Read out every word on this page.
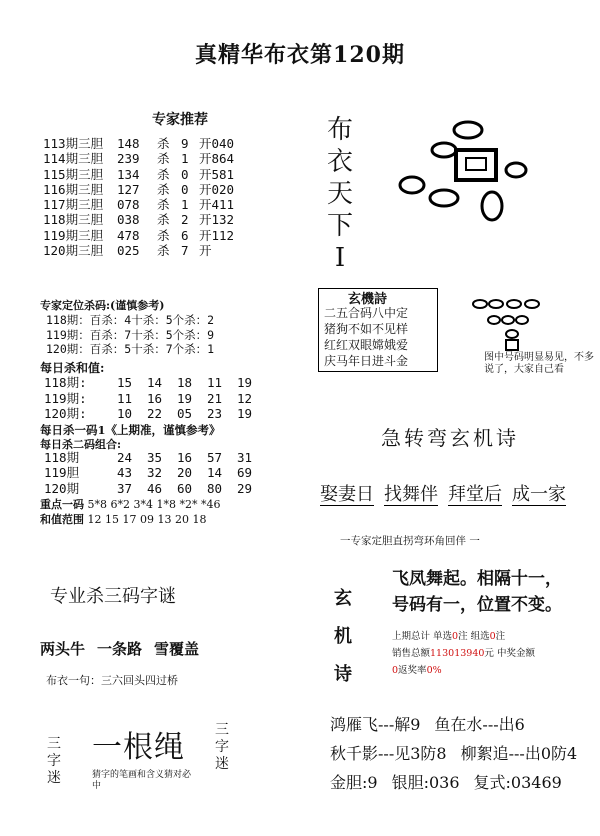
真精华布衣第120期
专家推荐
113期三胆 148 杀 9 开040
114期三胆 239 杀 1 开864
115期三胆 134 杀 0 开581
116期三胆 127 杀 0 开020
117期三胆 078 杀 1 开411
118期三胆 038 杀 2 开132
119期三胆 478 杀 6 开112
120期三胆 025 杀 7 开
专家定位杀码:(谨慎参考)
118期：百杀：4十杀：5个杀：2
119期：百杀：7十杀：5个杀：9
120期：百杀：5十杀：7个杀：1
每日杀和值:
118期: 15 14 18 11 19
119期: 11 16 19 21 12
120期: 10 22 05 23 19
每日杀一码1《上期准，谨慎参考》
每日杀二码组合:
118期	24 35 16 57 31
119胆	43 32 20 14 69
120期	37 46 60 80 29
重点一码 5*8 6*2 3*4 1*8 *2* *46
和值范围 12 15 17 09 13 20 18
专业杀三码字谜
两头牛 一条路 雪覆盖
布衣一句：三六回头四过桥
三字迷
三字迷
一根绳
猜字的笔画和含义猜对必中
布衣天下I
玄機詩
二五合码八中定
猪狗不如不见样
红红双眼嫦娥爱
庆马年日进斗金	图中号码明显易见，不多说了，大家自己看
急转弯玄机诗
娶妻日 找舞伴 拜堂后 成一家
一专家定胆直拐弯环角回伴 一
玄机诗
飞凤舞起。相隔十一，
号码有一，位置不变。
上期总计 单选0注 组选0注
销售总额113013940元 中奖金额
0返奖率0%
鸿雁飞---解9 鱼在水---出6
秋千影---见3防8 柳絮追---出0防4
金胆:9 银胆:036 复式:03469
